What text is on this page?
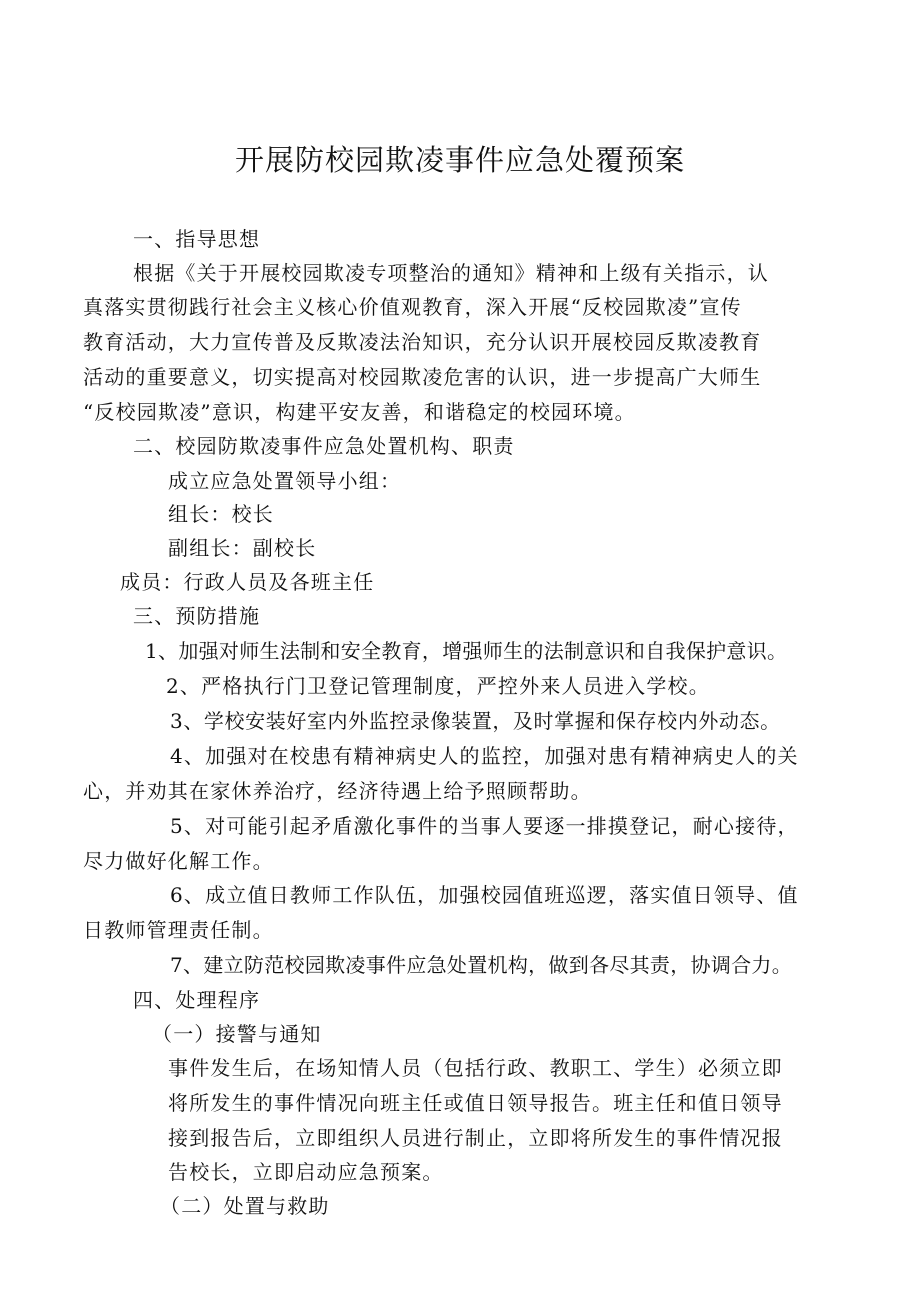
开展防校园欺凌事件应急处覆预案
一、指导思想
根据《关于开展校园欺凌专项整治的通知》精神和上级有关指示，认
真落实贯彻践行社会主义核心价值观教育，深入开展“反校园欺凌”宣传
教育活动，大力宣传普及反欺凌法治知识，充分认识开展校园反欺凌教育
活动的重要意义，切实提高对校园欺凌危害的认识，进一步提高广大师生
“反校园欺凌”意识，构建平安友善，和谐稳定的校园环境。
二、校园防欺凌事件应急处置机构、职责
成立应急处置领导小组：
组长：校长
副组长：副校长
成员：行政人员及各班主任
三、预防措施
1、加强对师生法制和安全教育，增强师生的法制意识和自我保护意识。
2、严格执行门卫登记管理制度，严控外来人员进入学校。
3、学校安装好室内外监控录像装置，及时掌握和保存校内外动态。
4、加强对在校患有精神病史人的监控，加强对患有精神病史人的关
心，并劝其在家休养治疗，经济待遇上给予照顾帮助。
5、对可能引起矛盾激化事件的当事人要逐一排摸登记，耐心接待，
尽力做好化解工作。
6、成立值日教师工作队伍，加强校园值班巡逻，落实值日领导、值
日教师管理责任制。
7、建立防范校园欺凌事件应急处置机构，做到各尽其责，协调合力。
四、处理程序
（一）接警与通知
事件发生后，在场知情人员（包括行政、教职工、学生）必须立即
将所发生的事件情况向班主任或值日领导报告。班主任和值日领导
接到报告后，立即组织人员进行制止，立即将所发生的事件情况报
告校长，立即启动应急预案。
（二）处置与救助
